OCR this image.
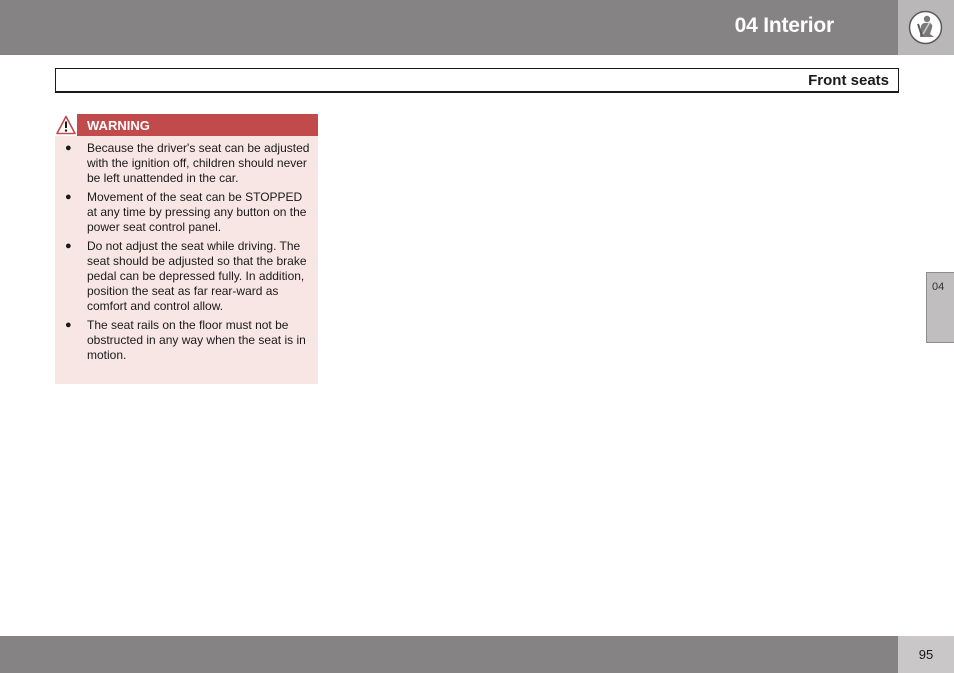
04 Interior
Front seats
WARNING
● Because the driver's seat can be adjusted with the ignition off, children should never be left unattended in the car.
● Movement of the seat can be STOPPED at any time by pressing any button on the power seat control panel.
● Do not adjust the seat while driving. The seat should be adjusted so that the brake pedal can be depressed fully. In addition, position the seat as far rear-ward as comfort and control allow.
● The seat rails on the floor must not be obstructed in any way when the seat is in motion.
04
95
